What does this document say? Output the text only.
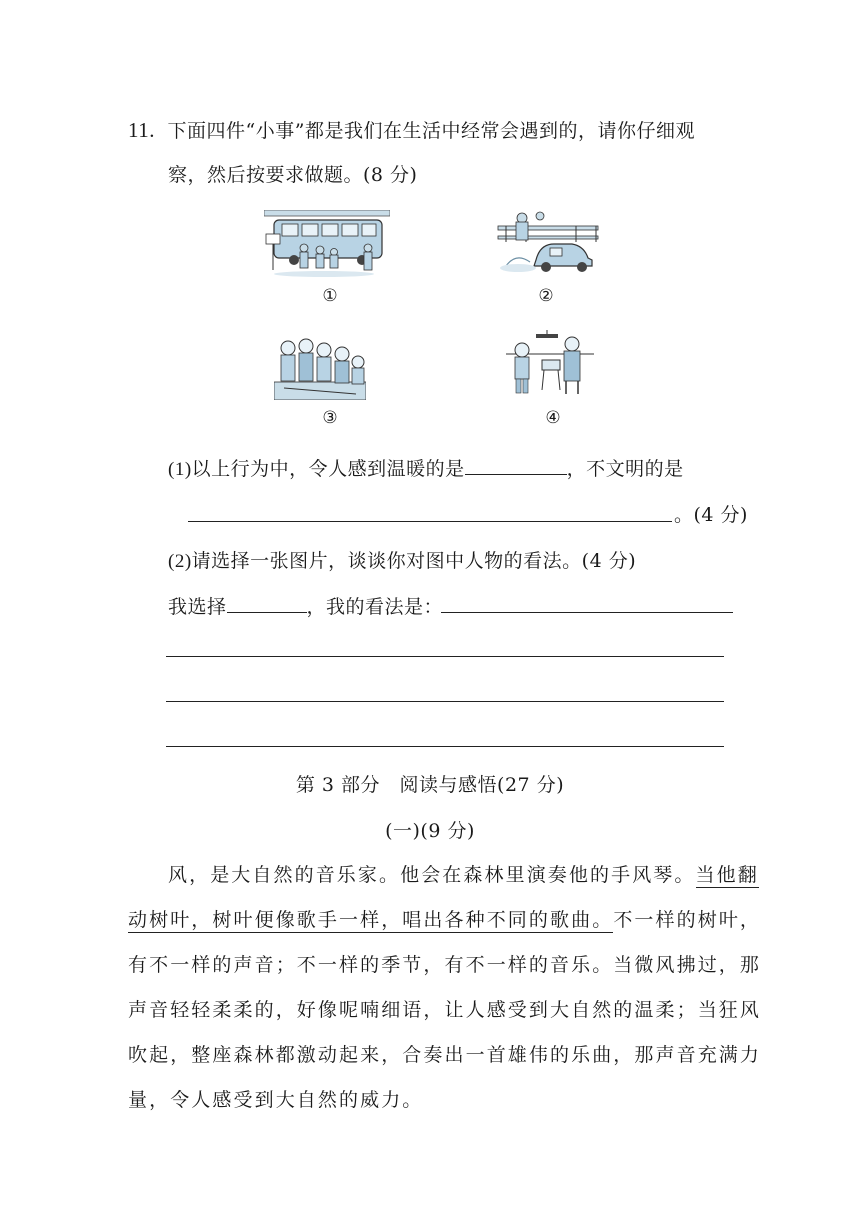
11. 下面四件“小事”都是我们在生活中经常会遇到的，请你仔细观
察，然后按要求做题。(8 分)
①	②
③	④
(1)以上行为中，令人感到温暖的是	，不文明的是
。(4 分)
(2)请选择一张图片，谈谈你对图中人物的看法。(4 分)
我选择	，我的看法是：
第 3 部分　阅读与感悟(27 分)
(一)(9 分)
风，是大自然的音乐家。他会在森林里演奏他的手风琴。当他翻
动树叶，树叶便像歌手一样，唱出各种不同的歌曲。不一样的树叶，
有不一样的声音；不一样的季节，有不一样的音乐。当微风拂过，那
声音轻轻柔柔的，好像呢喃细语，让人感受到大自然的温柔；当狂风
吹起，整座森林都激动起来，合奏出一首雄伟的乐曲，那声音充满力
量，令人感受到大自然的威力。
